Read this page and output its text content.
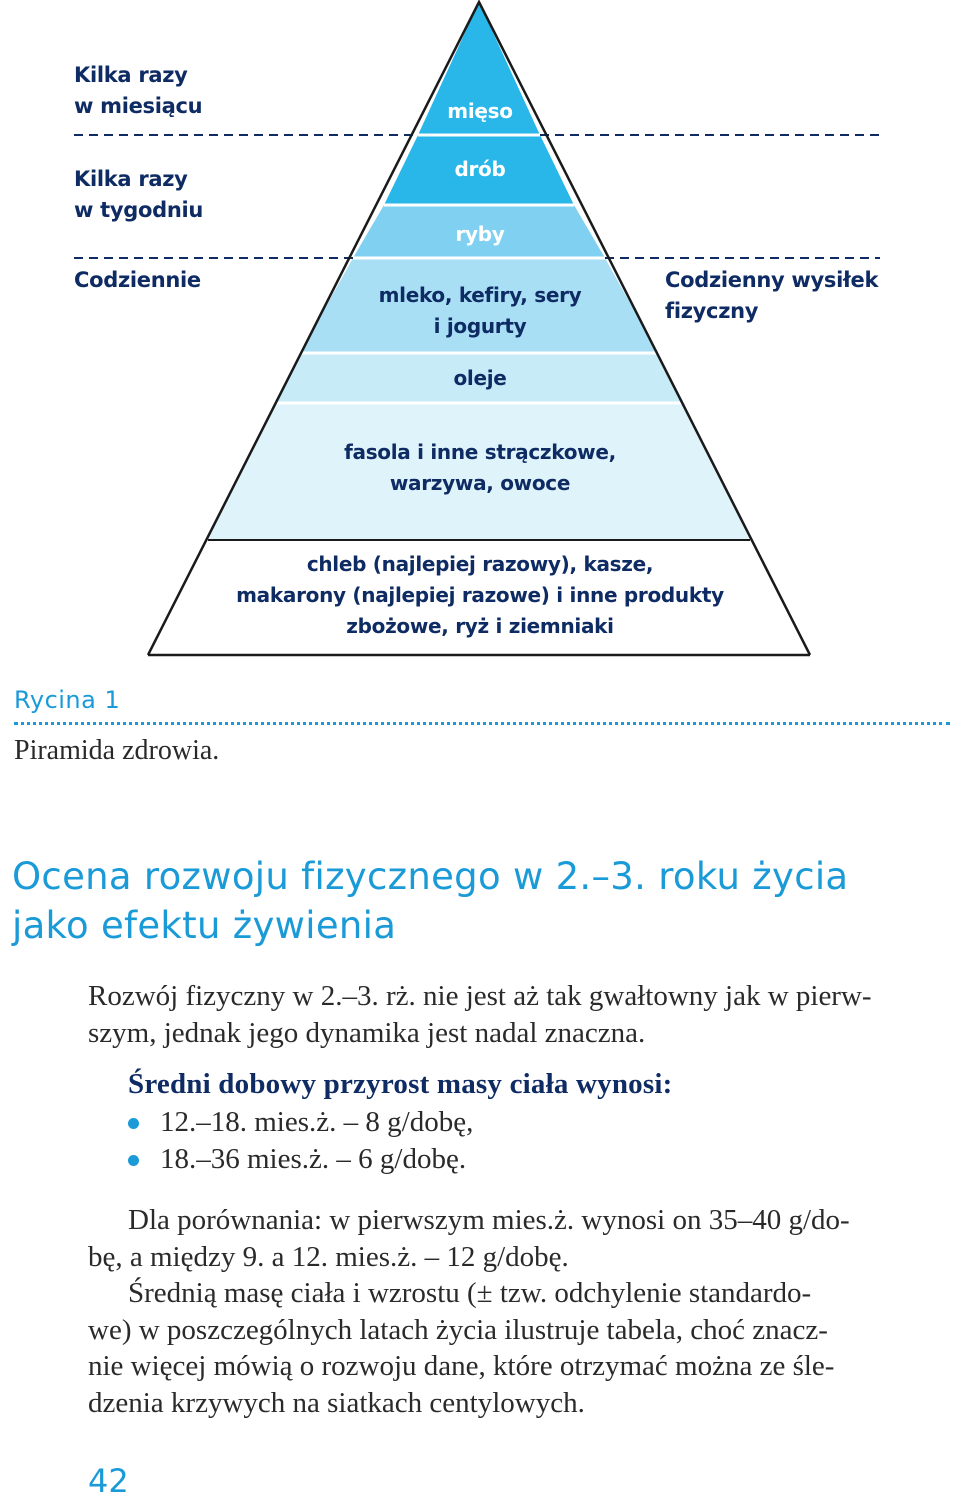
Kilka razy
w miesiącu
Kilka razy
w tygodniu
Codziennie	Codzienny wysiłek
fizyczny
mięso
drób
ryby
mleko, kefiry, sery
i jogurty
oleje
fasola i inne strączkowe,
warzywa, owoce
chleb (najlepiej razowy), kasze,
makarony (najlepiej razowe) i inne produkty
zbożowe, ryż i ziemniaki
Rycina 1
Piramida zdrowia.
Ocena rozwoju fizycznego w 2.–3. roku życia
jako efektu żywienia
Rozwój fizyczny w 2.–3. rż. nie jest aż tak gwałtowny jak w pierw-
szym, jednak jego dynamika jest nadal znaczna.
Średni dobowy przyrost masy ciała wynosi:
12.–18. mies.ż. – 8 g/dobę,
18.–36 mies.ż. – 6 g/dobę.
Dla porównania: w pierwszym mies.ż. wynosi on 35–40 g/do-
bę, a między 9. a 12. mies.ż. – 12 g/dobę.
Średnią masę ciała i wzrostu (± tzw. odchylenie standardo-
we) w poszczególnych latach życia ilustruje tabela, choć znacz-
nie więcej mówią o rozwoju dane, które otrzymać można ze śle-
dzenia krzywych na siatkach centylowych.
42
